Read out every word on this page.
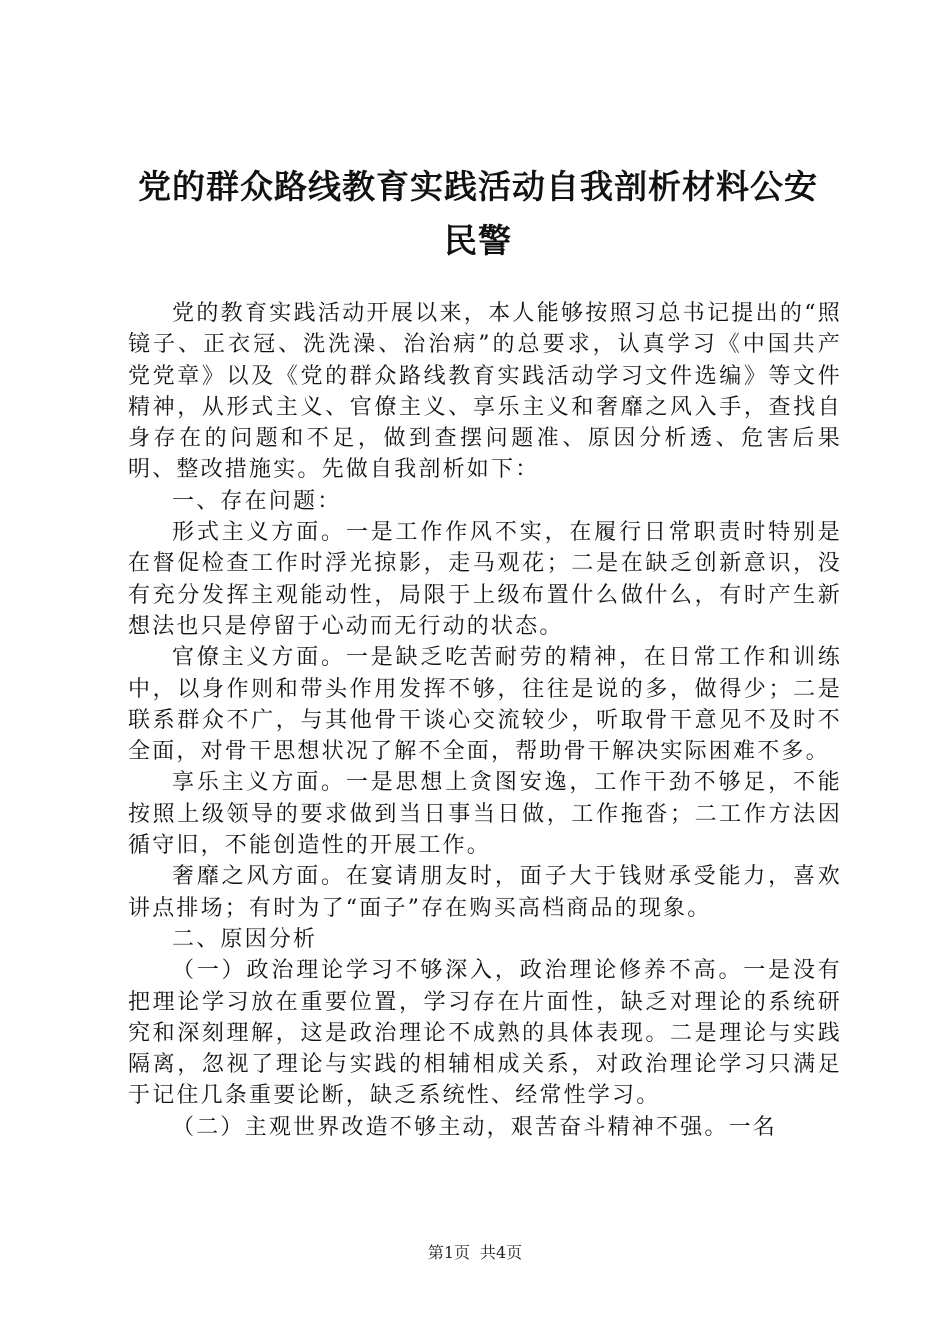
党的群众路线教育实践活动自我剖析材料公安
民警

党的教育实践活动开展以来，本人能够按照习总书记提出的“照镜子、正衣冠、洗洗澡、治治病”的总要求，认真学习《中国共产党党章》以及《党的群众路线教育实践活动学习文件选编》等文件精神，从形式主义、官僚主义、享乐主义和奢靡之风入手，查找自身存在的问题和不足，做到查摆问题准、原因分析透、危害后果明、整改措施实。先做自我剖析如下：

一、存在问题：

形式主义方面。一是工作作风不实，在履行日常职责时特别是在督促检查工作时浮光掠影，走马观花；二是在缺乏创新意识，没有充分发挥主观能动性，局限于上级布置什么做什么，有时产生新想法也只是停留于心动而无行动的状态。

官僚主义方面。一是缺乏吃苦耐劳的精神，在日常工作和训练中，以身作则和带头作用发挥不够，往往是说的多，做得少；二是联系群众不广，与其他骨干谈心交流较少，听取骨干意见不及时不全面，对骨干思想状况了解不全面，帮助骨干解决实际困难不多。

享乐主义方面。一是思想上贪图安逸，工作干劲不够足，不能按照上级领导的要求做到当日事当日做，工作拖沓；二工作方法因循守旧，不能创造性的开展工作。

奢靡之风方面。在宴请朋友时，面子大于钱财承受能力，喜欢讲点排场；有时为了“面子”存在购买高档商品的现象。

二、原因分析

（一）政治理论学习不够深入，政治理论修养不高。一是没有把理论学习放在重要位置，学习存在片面性，缺乏对理论的系统研究和深刻理解，这是政治理论不成熟的具体表现。二是理论与实践隔离，忽视了理论与实践的相辅相成关系，对政治理论学习只满足于记住几条重要论断，缺乏系统性、经常性学习。

（二）主观世界改造不够主动，艰苦奋斗精神不强。一名

第1页 共4页
